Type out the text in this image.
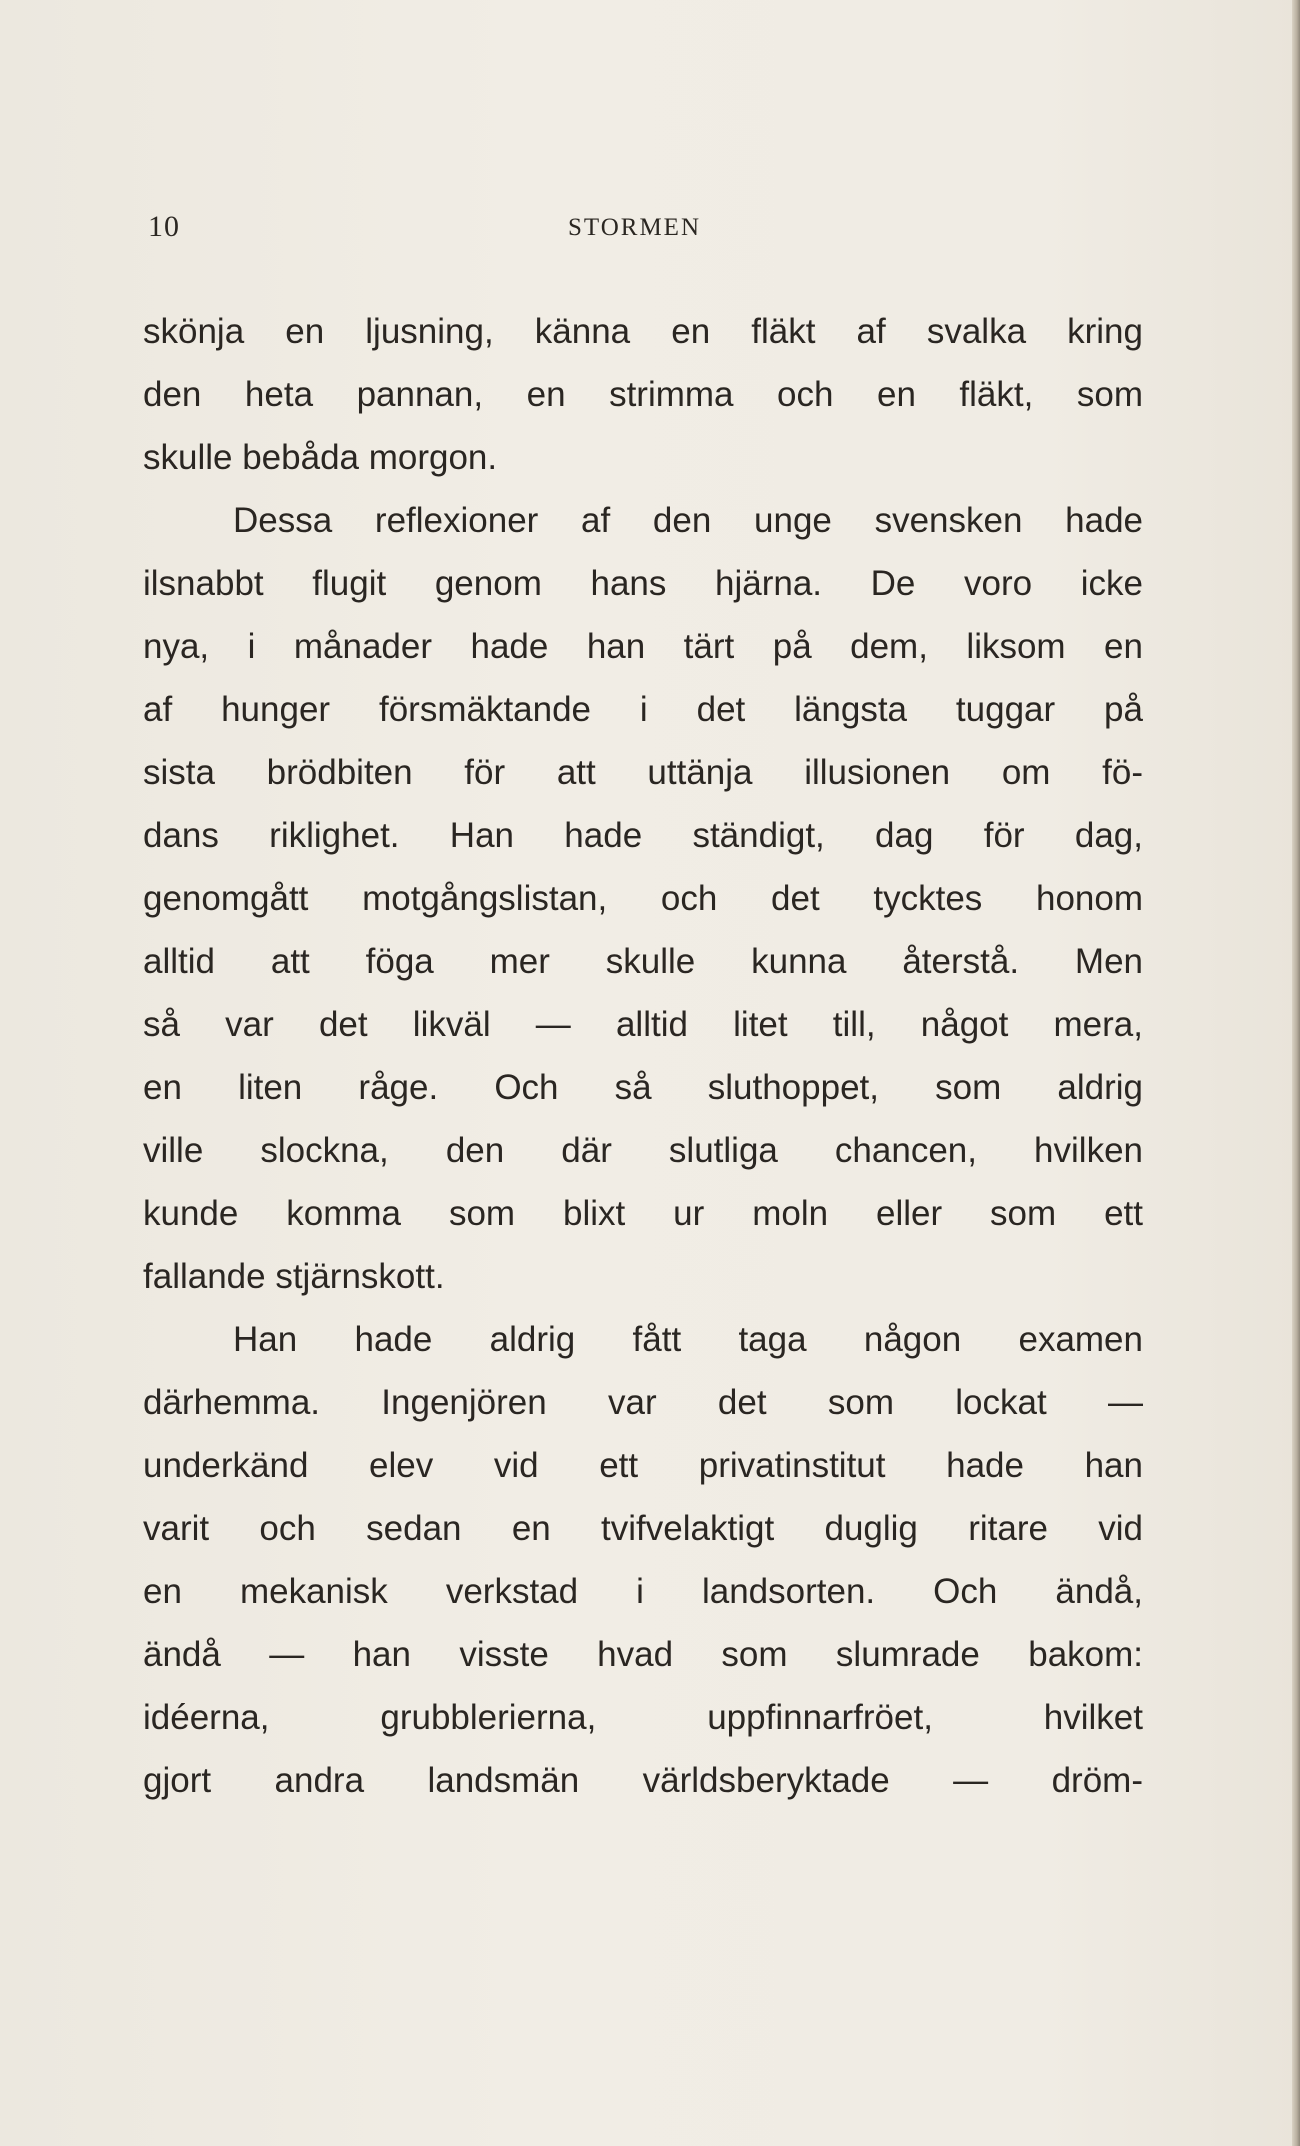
10	STORMEN
skönja en ljusning, känna en fläkt af svalka kring
den heta pannan, en strimma och en fläkt, som
skulle bebåda morgon.
Dessa reflexioner af den unge svensken hade
ilsnabbt flugit genom hans hjärna. De voro icke
nya, i månader hade han tärt på dem, liksom en
af hunger försmäktande i det längsta tuggar på
sista brödbiten för att uttänja illusionen om fö-
dans riklighet. Han hade ständigt, dag för dag,
genomgått motgångslistan, och det tycktes honom
alltid att föga mer skulle kunna återstå. Men
så var det likväl — alltid litet till, något mera,
en liten råge. Och så sluthoppet, som aldrig
ville slockna, den där slutliga chancen, hvilken
kunde komma som blixt ur moln eller som ett
fallande stjärnskott.
Han hade aldrig fått taga någon examen
därhemma. Ingenjören var det som lockat —
underkänd elev vid ett privatinstitut hade han
varit och sedan en tvifvelaktigt duglig ritare vid
en mekanisk verkstad i landsorten. Och ändå,
ändå — han visste hvad som slumrade bakom:
idéerna, grubblerierna, uppfinnarfröet, hvilket
gjort andra landsmän världsberyktade — dröm-
